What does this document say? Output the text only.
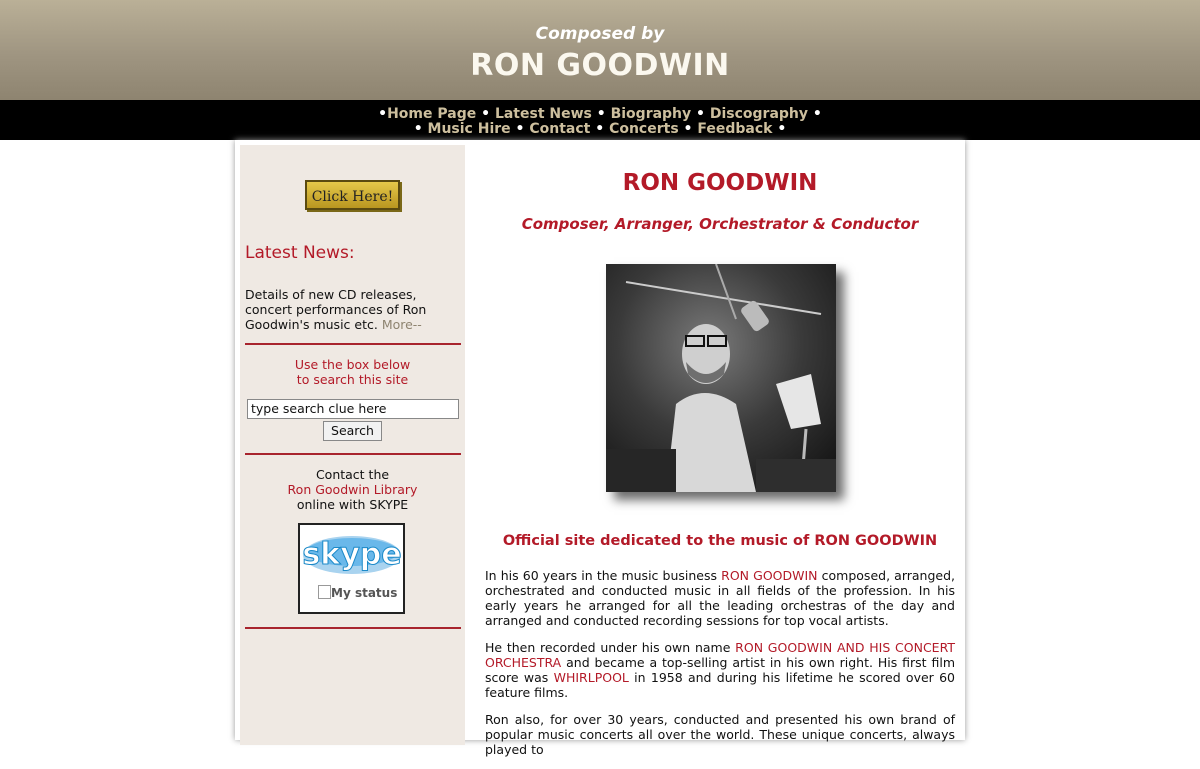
Composed by
RON GOODWIN
•Home Page • Latest News • Biography • Discography •
• Music Hire • Contact • Concerts • Feedback •
Click Here!
Latest News:
Details of new CD releases, concert performances of Ron Goodwin's music etc. More--
Use the box below
to search this site
type search clue here
Search
Contact the
Ron Goodwin Library
online with SKYPE
skype
My status
RON GOODWIN
Composer, Arranger, Orchestrator & Conductor
Official site dedicated to the music of RON GOODWIN

In his 60 years in the music business RON GOODWIN composed, arranged, orchestrated and conducted music in all fields of the profession. In his early years he arranged for all the leading orchestras of the day and arranged and conducted recording sessions for top vocal artists.

He then recorded under his own name RON GOODWIN AND HIS CONCERT ORCHESTRA and became a top-selling artist in his own right. His first film score was WHIRLPOOL in 1958 and during his lifetime he scored over 60 feature films.

Ron also, for over 30 years, conducted and presented his own brand of popular music concerts all over the world. These unique concerts, always played to
